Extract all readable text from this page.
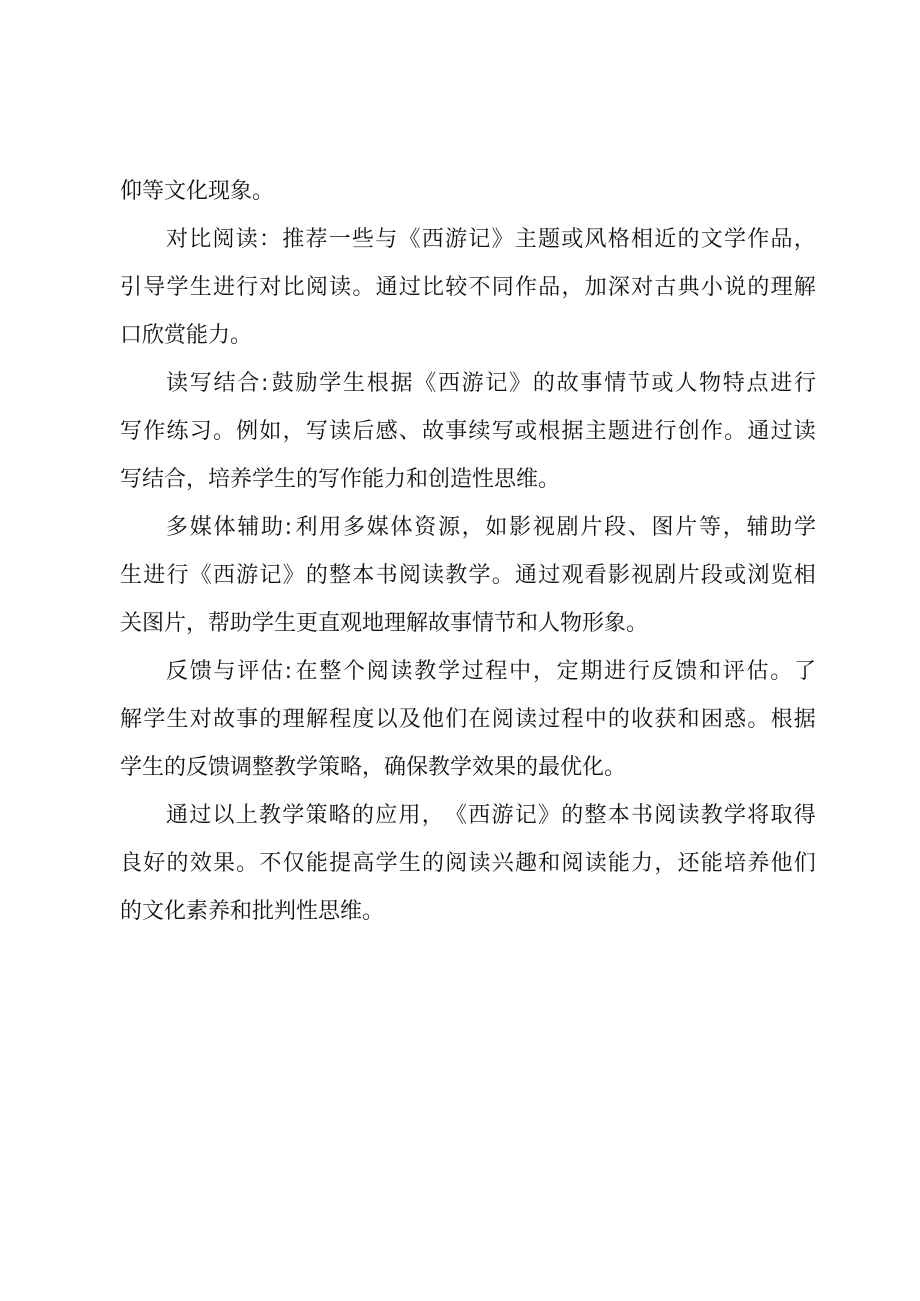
仰等文化现象。
对 比 阅 读 ： 推 荐 一 些 与 《 西 游 记 》 主 题 或 风 格 相 近 的 文 学 作 品 ，
引 导 学 生 进 行 对 比 阅 读 。 通 过 比 较 不 同 作 品 ， 加 深 对 古 典 小 说 的 理 解
口欣赏能力。
读 写 结 合 : 鼓 励 学 生 根 据 《 西 游 记 》 的 故 事 情 节 或 人 物 特 点 进 行
写 作 练 习 。 例 如 ， 写 读 后 感 、 故 事 续 写 或 根 据 主 题 进 行 创 作 。 通 过 读
写结合，培养学生的写作能力和创造性思维。
多 媒 体 辅 助 : 利 用 多 媒 体 资 源 ， 如 影 视 剧 片 段 、 图 片 等 ， 辅 助 学
生 进 行 《 西 游 记 》 的 整 本 书 阅 读 教 学 。 通 过 观 看 影 视 剧 片 段 或 浏 览 相
关图片，帮助学生更直观地理解故事情节和人物形象。
反 馈 与 评 估 : 在 整 个 阅 读 教 学 过 程 中 ， 定 期 进 行 反 馈 和 评 估 。 了
解 学 生 对 故 事 的 理 解 程 度 以 及 他 们 在 阅 读 过 程 中 的 收 获 和 困 惑 。 根 据
学生的反馈调整教学策略，确保教学效果的最优化。
通 过 以 上 教 学 策 略 的 应 用 ， 《 西 游 记 》 的 整 本 书 阅 读 教 学 将 取 得
良 好 的 效 果 。 不 仅 能 提 高 学 生 的 阅 读 兴 趣 和 阅 读 能 力 ， 还 能 培 养 他 们
的文化素养和批判性思维。
